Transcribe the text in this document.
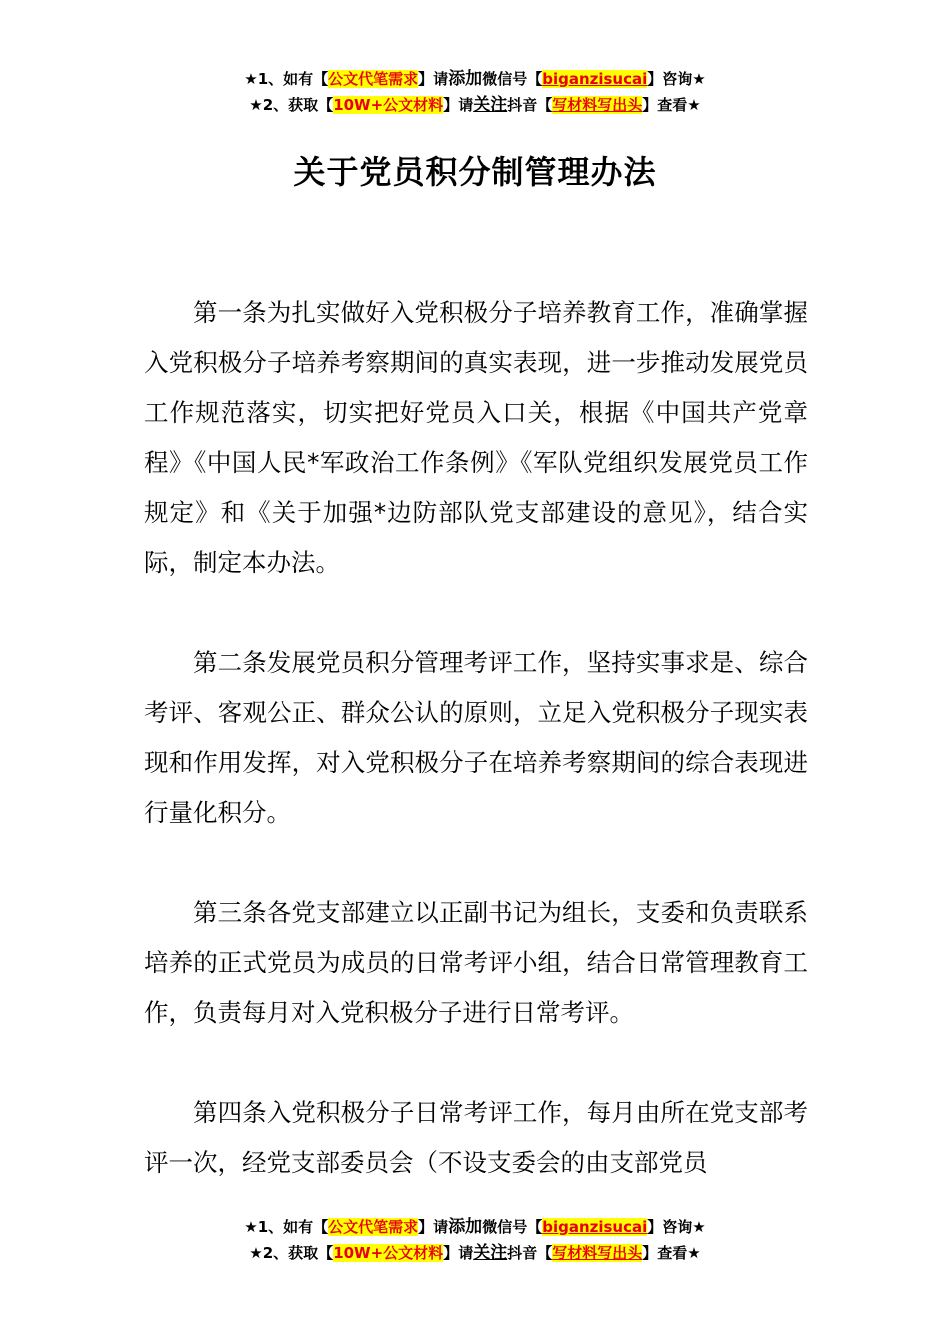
★1、如有【公文代笔需求】请添加微信号【biganzisucai】咨询★
★2、获取【10W+公文材料】请关注抖音【写材料写出头】查看★
关于党员积分制管理办法

第一条为扎实做好入党积极分子培养教育工作，准确掌握入党积极分子培养考察期间的真实表现，进一步推动发展党员工作规范落实，切实把好党员入口关，根据《中国共产党章程》《中国人民*军政治工作条例》《军队党组织发展党员工作规定》和《关于加强*边防部队党支部建设的意见》，结合实际，制定本办法。

第二条发展党员积分管理考评工作，坚持实事求是、综合考评、客观公正、群众公认的原则，立足入党积极分子现实表现和作用发挥，对入党积极分子在培养考察期间的综合表现进行量化积分。

第三条各党支部建立以正副书记为组长，支委和负责联系培养的正式党员为成员的日常考评小组，结合日常管理教育工作，负责每月对入党积极分子进行日常考评。

第四条入党积极分子日常考评工作，每月由所在党支部考评一次，经党支部委员会（不设支委会的由支部党员

★1、如有【公文代笔需求】请添加微信号【biganzisucai】咨询★
★2、获取【10W+公文材料】请关注抖音【写材料写出头】查看★
